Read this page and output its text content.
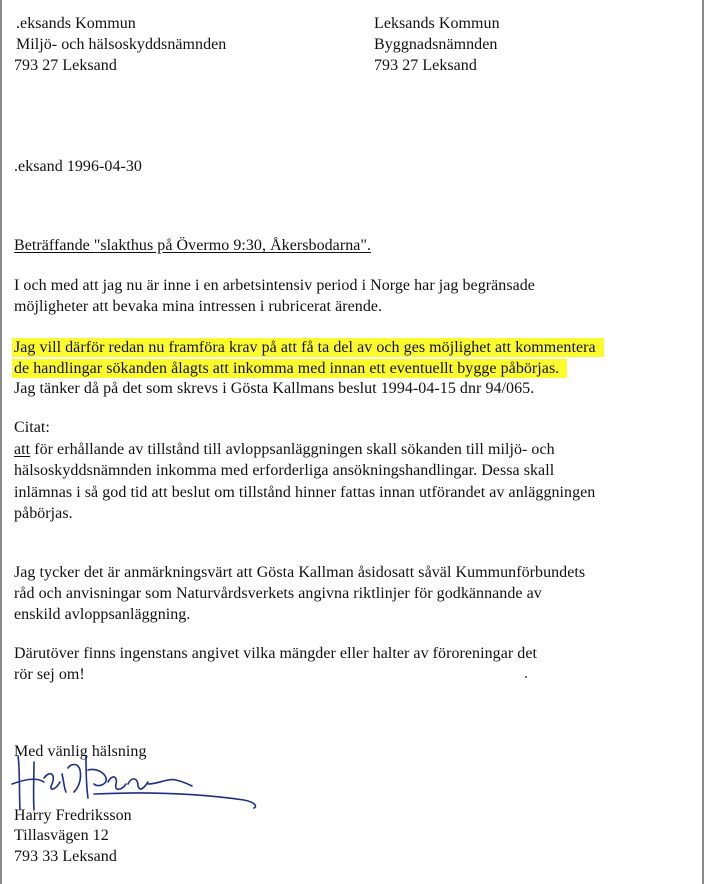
.eksands Kommun
Miljö- och hälsoskyddsnämnden
793 27 Leksand
Leksands Kommun
Byggnadsnämnden
793 27 Leksand
.eksand 1996-04-30
Beträffande "slakthus på Övermo 9:30, Åkersbodarna".
I och med att jag nu är inne i en arbetsintensiv period i Norge har jag begränsade
möjligheter att bevaka mina intressen i rubricerat ärende.
Jag vill därför redan nu framföra krav på att få ta del av och ges möjlighet att kommentera
de handlingar sökanden ålagts att inkomma med innan ett eventuellt bygge påbörjas.
Jag tänker då på det som skrevs i Gösta Kallmans beslut 1994-04-15 dnr 94/065.
Citat:
att för erhållande av tillstånd till avloppsanläggningen skall sökanden till miljö- och
hälsoskyddsnämnden inkomma med erforderliga ansökningshandlingar. Dessa skall
inlämnas i så god tid att beslut om tillstånd hinner fattas innan utförandet av anläggningen
påbörjas.
Jag tycker det är anmärkningsvärt att Gösta Kallman åsidosatt såväl Kummunförbundets
råd och anvisningar som Naturvårdsverkets angivna riktlinjer för godkännande av
enskild avloppsanläggning.
Därutöver finns ingenstans angivet vilka mängder eller halter av föroreningar det
rör sej om!
Med vänlig hälsning
Harry Fredriksson
Tillasvägen 12
793 33 Leksand
